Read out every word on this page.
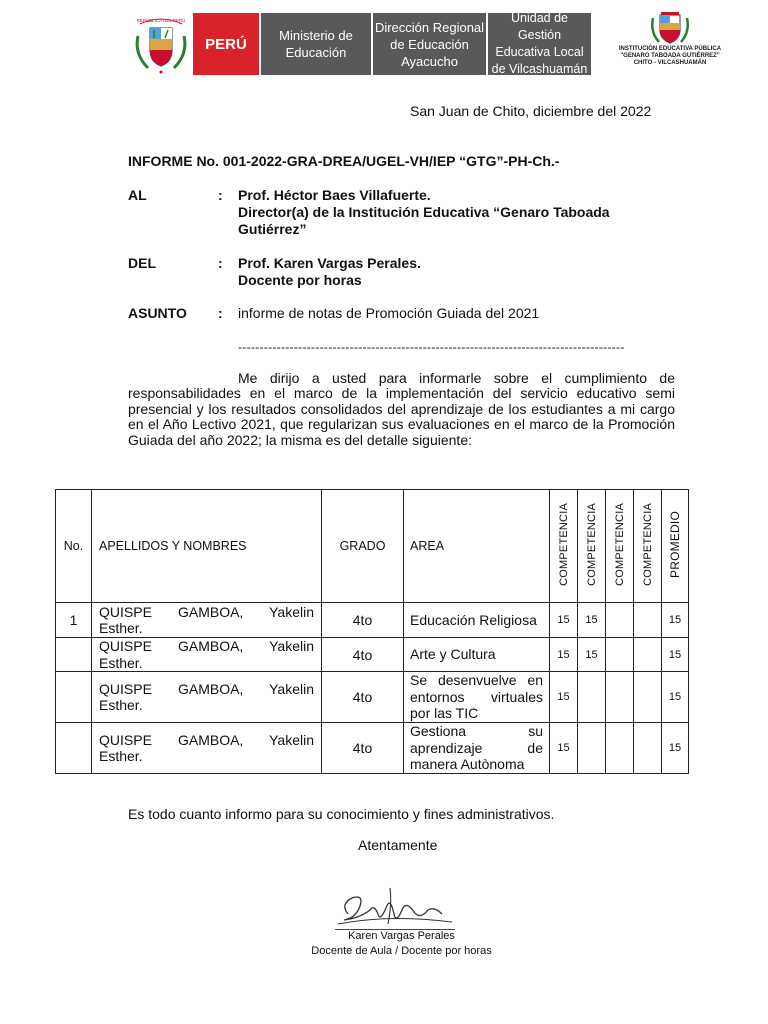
REPÚBLICA DEL PERÚ
PERÚ	Ministerio de
Educación
Dirección Regional
de Educación
Ayacucho
Unidad de Gestión
Educativa Local
de Vilcashuamán
INSTITUCIÓN EDUCATIVA PÚBLICA
"GENARO TABOADA GUTIÉRREZ"
CHITO - VILCASHUAMÁN
San Juan de Chito, diciembre del 2022
INFORME No. 001-2022-GRA-DREA/UGEL-VH/IEP “GTG”-PH-Ch.-
AL	: Prof. Héctor Baes Villafuerte.
Director(a) de la Institución Educativa “Genaro Taboada
Gutiérrez”
DEL	: Prof. Karen Vargas Perales.
Docente por horas
ASUNTO : informe de notas de Promoción Guiada del 2021
------------------------------------------------------------------------------------------
Me dirijo a usted para informarle sobre el cumplimiento de responsabilidades en el marco de la implementación del servicio educativo semi presencial y los resultados consolidados del aprendizaje de los estudiantes a mi cargo en el Año Lectivo 2021, que regularizan sus evaluaciones en el marco de la Promoción Guiada del año 2022; la misma es del detalle siguiente:
No.	APELLIDOS Y NOMBRES	GRADO	AREA	COMPETENCIA	COMPETENCIA	COMPETENCIA	COMPETENCIA	PROMEDIO
1	QUISPE GAMBOA, Yakelin Esther.	4to	Educación Religiosa	15	15			15
	QUISPE GAMBOA, Yakelin Esther.	4to	Arte y Cultura	15	15			15
	QUISPE GAMBOA, Yakelin Esther.	4to	Se desenvuelve en entornos virtuales por las TIC	15				15
	QUISPE GAMBOA, Yakelin Esther.	4to	Gestiona su aprendizaje de manera Autònoma	15				15
Es todo cuanto informo para su conocimiento y fines administrativos.
Atentamente
Karen Vargas Perales
Docente de Aula / Docente por horas
